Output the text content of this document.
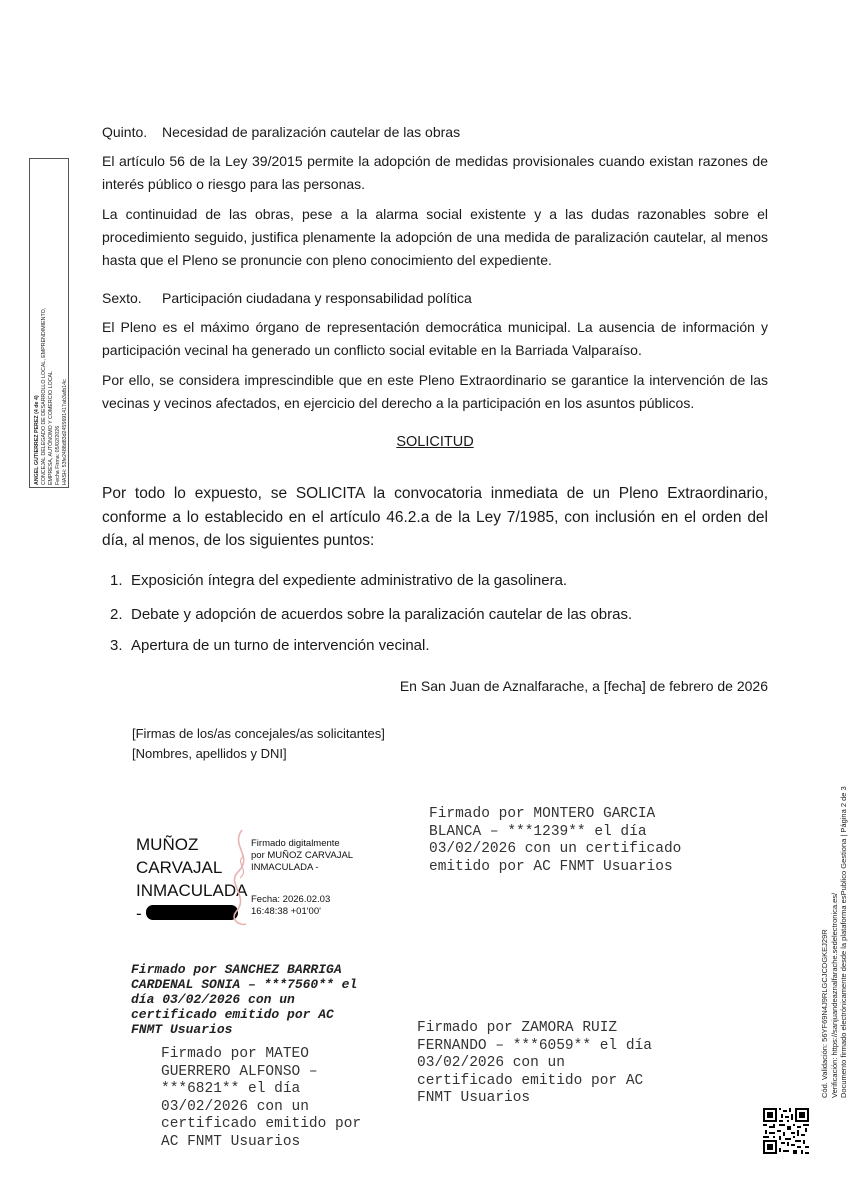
ANGEL GUTIERREZ PEREZ (4 de 4) CONCEJAL DELEGADO DE DESARROLLO LOCAL, EMPRENDIMIENTO, EMPRESA, AUTÓNOMO Y COMERCIO LOCAL Fecha Firma: 05/02/2026 HASH: 53fe2488d83d2455691417ab3afb14c
Quinto. Necesidad de paralización cautelar de las obras
El artículo 56 de la Ley 39/2015 permite la adopción de medidas provisionales cuando existan razones de interés público o riesgo para las personas.
La continuidad de las obras, pese a la alarma social existente y a las dudas razonables sobre el procedimiento seguido, justifica plenamente la adopción de una medida de paralización cautelar, al menos hasta que el Pleno se pronuncie con pleno conocimiento del expediente.
Sexto. Participación ciudadana y responsabilidad política
El Pleno es el máximo órgano de representación democrática municipal. La ausencia de información y participación vecinal ha generado un conflicto social evitable en la Barriada Valparaíso.
Por ello, se considera imprescindible que en este Pleno Extraordinario se garantice la intervención de las vecinas y vecinos afectados, en ejercicio del derecho a la participación en los asuntos públicos.
SOLICITUD
Por todo lo expuesto, se SOLICITA la convocatoria inmediata de un Pleno Extraordinario, conforme a lo establecido en el artículo 46.2.a de la Ley 7/1985, con inclusión en el orden del día, al menos, de los siguientes puntos:
1. Exposición íntegra del expediente administrativo de la gasolinera.
2. Debate y adopción de acuerdos sobre la paralización cautelar de las obras.
3. Apertura de un turno de intervención vecinal.
En San Juan de Aznalfarache, a [fecha] de febrero de 2026
[Firmas de los/as concejales/as solicitantes]
[Nombres, apellidos y DNI]
Firmado por MONTERO GARCIA
BLANCA – ***1239** el día
03/02/2026 con un certificado
emitido por AC FNMT Usuarios
MUÑOZ
CARVAJAL
INMACULADA
-
Firmado digitalmente
por MUÑOZ CARVAJAL
INMACULADA -
Fecha: 2026.02.03
16:48:38 +01'00'
Firmado por SANCHEZ BARRIGA
CARDENAL SONIA – ***7560** el
día 03/02/2026 con un
certificado emitido por AC
FNMT Usuarios	Firmado por ZAMORA RUIZ
FERNANDO – ***6059** el día
03/02/2026 con un
certificado emitido por AC
FNMT Usuarios
Firmado por MATEO
GUERRERO ALFONSO –
***6821** el día
03/02/2026 con un
certificado emitido por
AC FNMT Usuarios
Cód. Validación: 56YF69N4J9RLGCJCDGKEJ29R Verificación: https://sanjuandeaznalfarache.sedelectronica.es/ Documento firmado electrónicamente desde la plataforma esPublico Gestiona | Página 2 de 3
